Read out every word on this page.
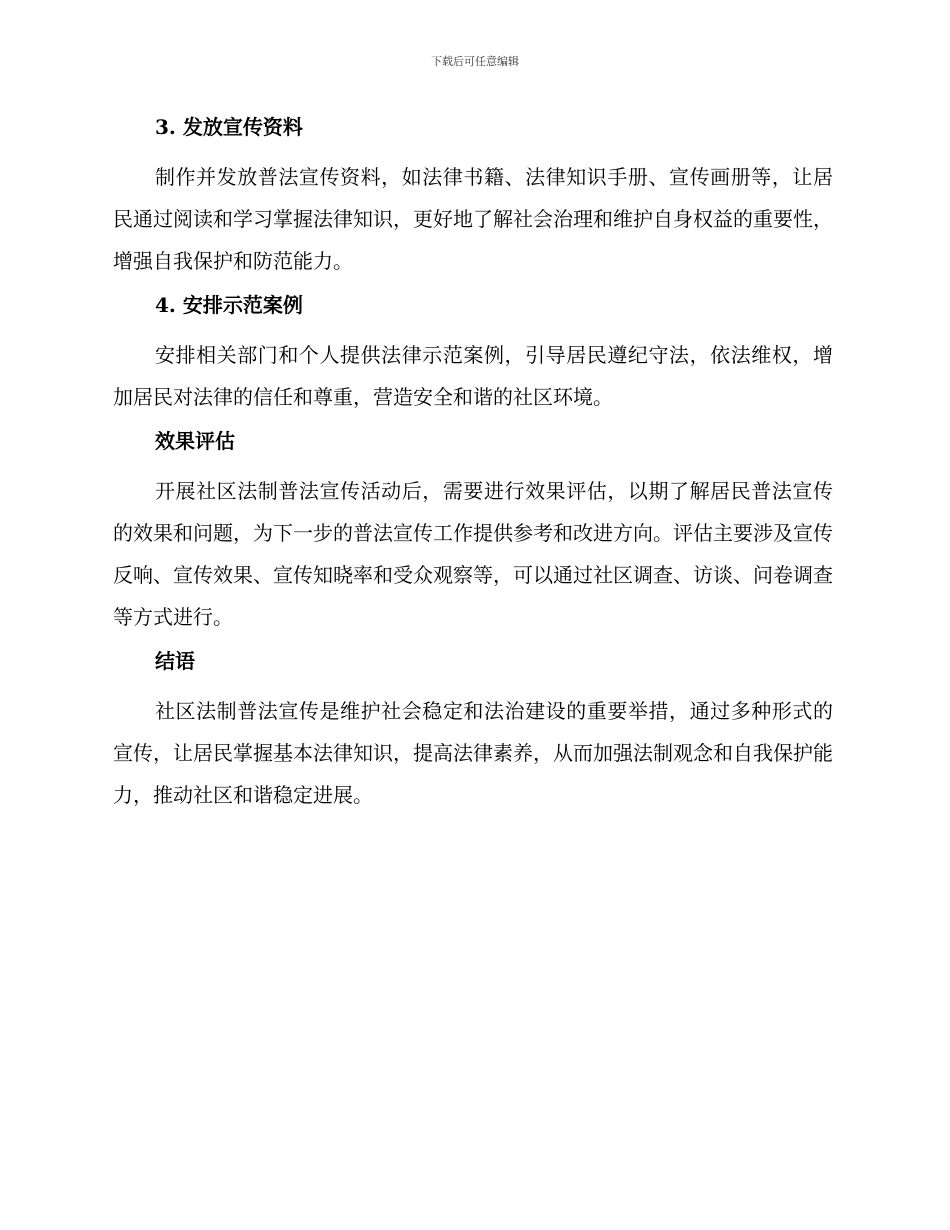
下载后可任意编辑
3. 发放宣传资料

制作并发放普法宣传资料，如法律书籍、法律知识手册、宣传画册等，让居民通过阅读和学习掌握法律知识，更好地了解社会治理和维护自身权益的重要性，增强自我保护和防范能力。

4. 安排示范案例

安排相关部门和个人提供法律示范案例，引导居民遵纪守法，依法维权，增加居民对法律的信任和尊重，营造安全和谐的社区环境。

效果评估

开展社区法制普法宣传活动后，需要进行效果评估，以期了解居民普法宣传的效果和问题，为下一步的普法宣传工作提供参考和改进方向。评估主要涉及宣传反响、宣传效果、宣传知晓率和受众观察等，可以通过社区调查、访谈、问卷调查等方式进行。

结语

社区法制普法宣传是维护社会稳定和法治建设的重要举措，通过多种形式的宣传，让居民掌握基本法律知识，提高法律素养，从而加强法制观念和自我保护能力，推动社区和谐稳定进展。
